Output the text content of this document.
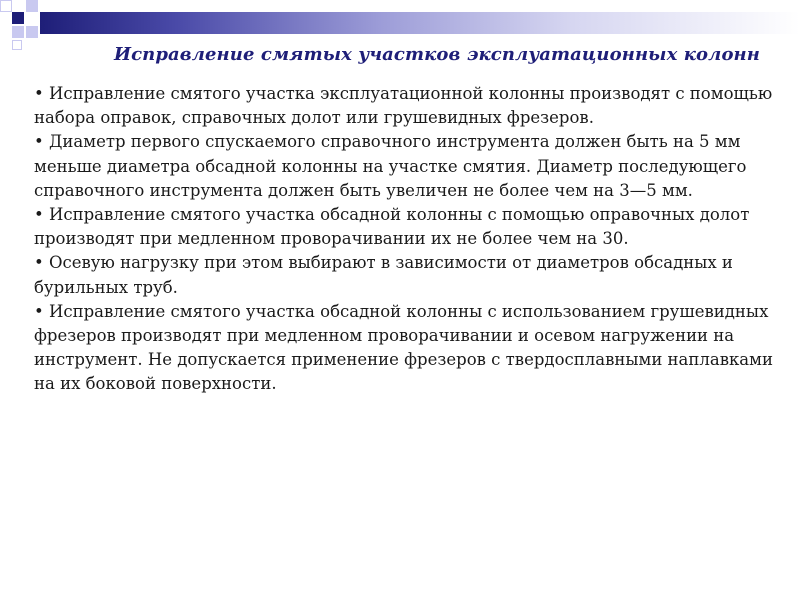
Исправление смятых участков эксплуатационных колонн

• Исправление смятого участка эксплуатационной колонны производят с помощью набора оправок, справочных долот или грушевидных фрезеров.

• Диаметр первого спускаемого справочного инструмента должен быть на 5 мм меньше диаметра обсадной колонны на участке смятия. Диаметр последующего справочного инструмента должен быть увеличен не более чем на 3—5 мм.

• Исправление смятого участка обсадной колонны с помощью оправочных долот производят при медленном проворачивании их не более чем на 30.

• Осевую нагрузку при этом выбирают в зависимости от диаметров обсадных и бурильных труб.

• Исправление смятого участка обсадной колонны с использованием грушевидных фрезеров производят при медленном проворачивании и осевом нагружении на инструмент. Не допускается применение фрезеров с твердосплавными наплавками на их боковой поверхности.
